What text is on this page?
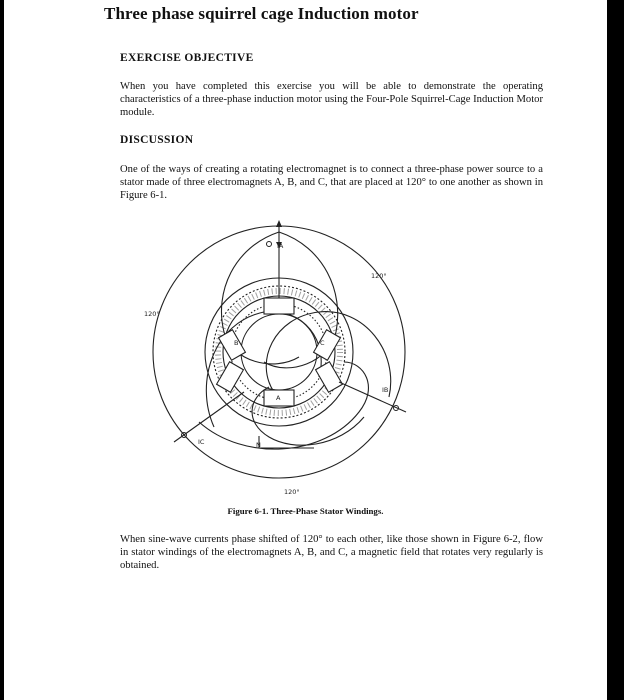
Three phase squirrel cage Induction motor
EXERCISE OBJECTIVE

When you have completed this exercise you will be able to demonstrate the operating characteristics of a three-phase induction motor using the Four-Pole Squirrel-Cage Induction Motor module.

DISCUSSION

One of the ways of creating a rotating electromagnet is to connect a three-phase power source to a stator made of three electromagnets A, B, and C, that are placed at 120° to one another as shown in Figure 6-1.

IA
120°
120°
120°
IB
IC	N
A
B	C

Figure 6-1. Three-Phase Stator Windings.

When sine-wave currents phase shifted of 120° to each other, like those shown in Figure 6-2, flow in stator windings of the electromagnets A, B, and C, a magnetic field that rotates very regularly is obtained.
